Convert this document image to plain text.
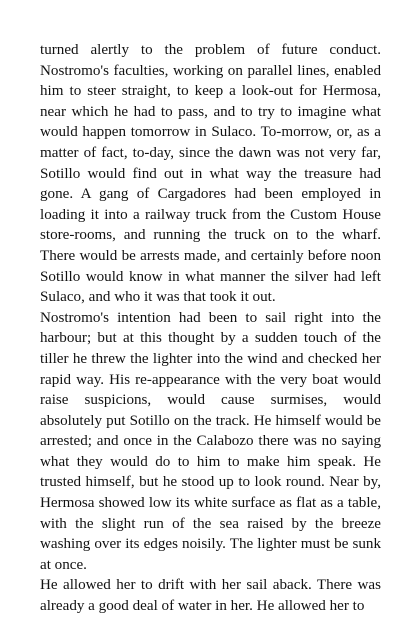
turned alertly to the problem of future conduct. Nostromo's faculties, working on parallel lines, enabled him to steer straight, to keep a look-out for Hermosa, near which he had to pass, and to try to imagine what would happen tomorrow in Sulaco. To-morrow, or, as a matter of fact, to-day, since the dawn was not very far, Sotillo would find out in what way the treasure had gone. A gang of Cargadores had been employed in loading it into a railway truck from the Custom House store-rooms, and running the truck on to the wharf. There would be arrests made, and certainly before noon Sotillo would know in what manner the silver had left Sulaco, and who it was that took it out.

Nostromo's intention had been to sail right into the harbour; but at this thought by a sudden touch of the tiller he threw the lighter into the wind and checked her rapid way. His re-appearance with the very boat would raise suspicions, would cause surmises, would absolutely put Sotillo on the track. He himself would be arrested; and once in the Calabozo there was no saying what they would do to him to make him speak. He trusted himself, but he stood up to look round. Near by, Hermosa showed low its white surface as flat as a table, with the slight run of the sea raised by the breeze washing over its edges noisily. The lighter must be sunk at once.

He allowed her to drift with her sail aback. There was already a good deal of water in her. He allowed her to
